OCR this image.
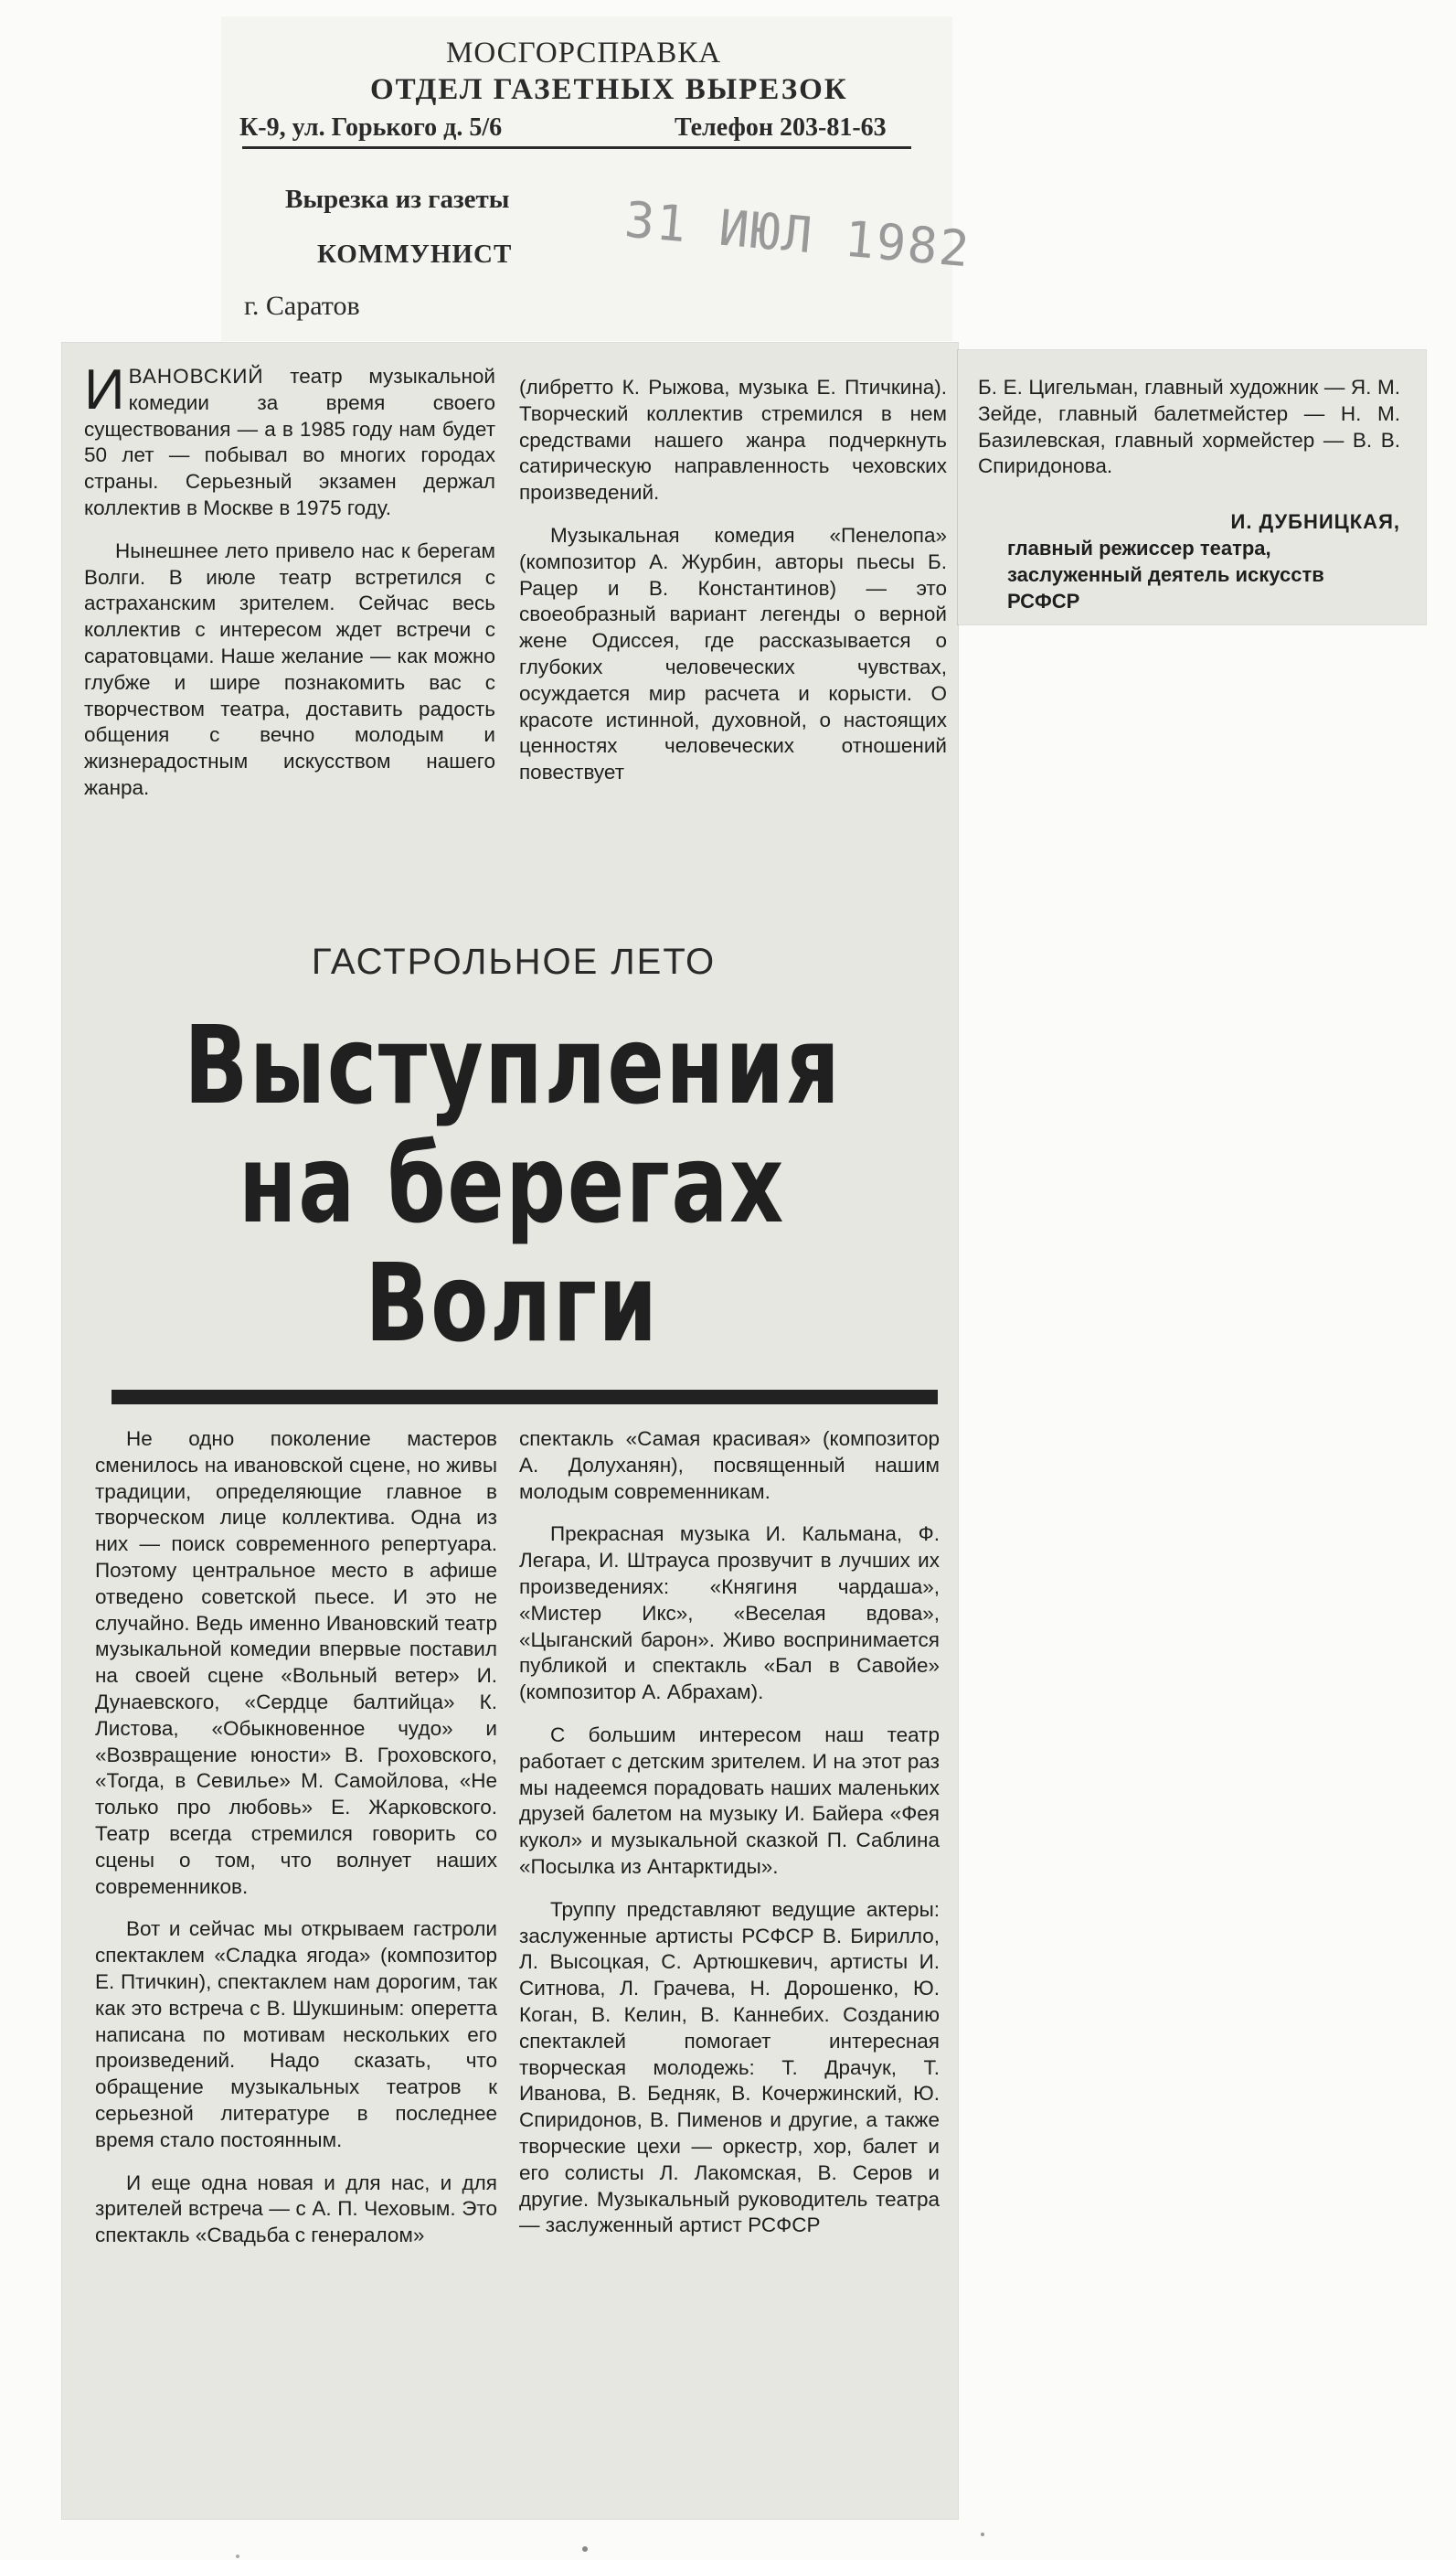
МОСГОРСПРАВКА
ОТДЕЛ ГАЗЕТНЫХ ВЫРЕЗОК
К-9, ул. Горького д. 5/6	Телефон 203-81-63
Вырезка из газеты
КОММУНИСТ
г. Саратов
31 ИЮЛ 1982

ИВАНОВСКИЙ театр музыкальной комедии за время своего существования — а в 1985 году нам будет 50 лет — побывал во многих городах страны. Серьезный экзамен держал коллектив в Москве в 1975 году.

Нынешнее лето привело нас к берегам Волги. В июле театр встретился с астраханским зрителем. Сейчас весь коллектив с интересом ждет встречи с саратовцами. Наше желание — как можно глубже и шире познакомить вас с творчеством театра, доставить радость общения с вечно молодым и жизнерадостным искусством нашего жанра.

(либретто К. Рыжова, музыка Е. Птичкина). Творческий коллектив стремился в нем средствами нашего жанра подчеркнуть сатирическую направленность чеховских произведений.

Музыкальная комедия «Пенелопа» (композитор А. Журбин, авторы пьесы Б. Рацер и В. Константинов) — это своеобразный вариант легенды о верной жене Одиссея, где рассказывается о глубоких человеческих чувствах, осуждается мир расчета и корысти. О красоте истинной, духовной, о настоящих ценностях человеческих отношений повествует

Б. Е. Цигельман, главный художник — Я. М. Зейде, главный балетмейстер — Н. М. Базилевская, главный хормейстер — В. В. Спиридонова.

И. ДУБНИЦКАЯ,
главный режиссер театра, заслуженный деятель искусств РСФСР
ГАСТРОЛЬНОЕ ЛЕТО
Выступления
на берегах
Волги

Не одно поколение мастеров сменилось на ивановской сцене, но живы традиции, определяющие главное в творческом лице коллектива. Одна из них — поиск современного репертуара. Поэтому центральное место в афише отведено советской пьесе. И это не случайно. Ведь именно Ивановский театр музыкальной комедии впервые поставил на своей сцене «Вольный ветер» И. Дунаевского, «Сердце балтийца» К. Листова, «Обыкновенное чудо» и «Возвращение юности» В. Гроховского, «Тогда, в Севилье» М. Самойлова, «Не только про любовь» Е. Жарковского. Театр всегда стремился говорить со сцены о том, что волнует наших современников.

Вот и сейчас мы открываем гастроли спектаклем «Сладка ягода» (композитор Е. Птичкин), спектаклем нам дорогим, так как это встреча с В. Шукшиным: оперетта написана по мотивам нескольких его произведений. Надо сказать, что обращение музыкальных театров к серьезной литературе в последнее время стало постоянным.

И еще одна новая и для нас, и для зрителей встреча — с А. П. Чеховым. Это спектакль «Свадьба с генералом»

спектакль «Самая красивая» (композитор А. Долуханян), посвященный нашим молодым современникам.

Прекрасная музыка И. Кальмана, Ф. Легара, И. Штрауса прозвучит в лучших их произведениях: «Княгиня чардаша», «Мистер Икс», «Веселая вдова», «Цыганский барон». Живо воспринимается публикой и спектакль «Бал в Савойе» (композитор А. Абрахам).

С большим интересом наш театр работает с детским зрителем. И на этот раз мы надеемся порадовать наших маленьких друзей балетом на музыку И. Байера «Фея кукол» и музыкальной сказкой П. Саблина «Посылка из Антарктиды».

Труппу представляют ведущие актеры: заслуженные артисты РСФСР В. Бирилло, Л. Высоцкая, С. Артюшкевич, артисты И. Ситнова, Л. Грачева, Н. Дорошенко, Ю. Коган, В. Келин, В. Каннебих. Созданию спектаклей помогает интересная творческая молодежь: Т. Драчук, Т. Иванова, В. Бедняк, В. Кочержинский, Ю. Спиридонов, В. Пименов и другие, а также творческие цехи — оркестр, хор, балет и его солисты Л. Лакомская, В. Серов и другие. Музыкальный руководитель театра — заслуженный артист РСФСР
